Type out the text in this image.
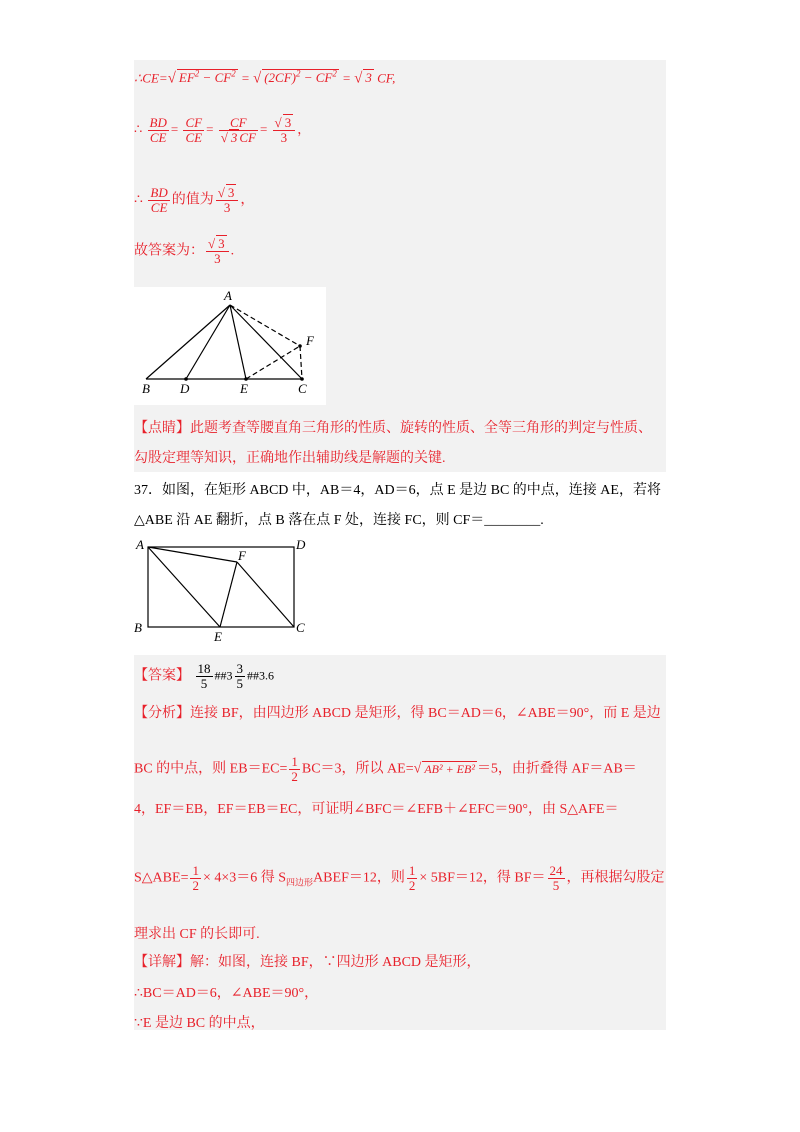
∴CE=√ $EF^2 - CF^2$ = √ $(2CF)^2 - CF^2$ = √ 3 CF,
∴ $\frac{BD}{CE} = \frac{CF}{CE} = \frac{CF}{√ 3 CF} = \frac{√ 3}{3}$ ，
∴ $\frac{BD}{CE}$ 的值为 $\frac{√ 3}{3}$ ，
故答案为： $\frac{√ 3}{3}$ .
A
B D	E	C
F
【点睛】此题考查等腰直角三角形的性质、旋转的性质、全等三角形的判定与性质、
勾股定理等知识，正确地作出辅助线是解题的关键.
37．如图，在矩形 ABCD 中，AB＝4，AD＝6，点 E 是边 BC 的中点，连接 AE，若将
△ABE 沿 AE 翻折，点 B 落在点 F 处，连接 FC，则 CF＝________.
A	D
F
B
E
C
【答案】 $\frac{18}{5}$ ##3 $\frac{3}{5}$ ##3.6
【分析】连接 BF，由四边形 ABCD 是矩形，得 BC＝AD＝6，∠ABE＝90°，而 E 是边
BC 的中点，则 $EB=EC= \frac{1}{2} BC=3$，所以 AE=√ AB² + EB² ＝5，由折叠得 AF＝AB＝
4，EF＝EB，EF＝EB＝EC，可证明∠BFC＝∠EFB＋∠EFC＝90°，由 S△AFE＝
S△ABE= $\frac{1}{2} \times 4\times 3=6$ 得 $S_{四边形}ABEF=12$，则 $\frac{1}{2} \times 5BF=12$，得 $BF= \frac{24}{5}$ ，再根据勾股定
理求出 CF 的长即可.
【详解】解：如图，连接 BF，∵四边形 ABCD 是矩形，
∴BC＝AD＝6，∠ABE＝90°，
∵E 是边 BC 的中点，
